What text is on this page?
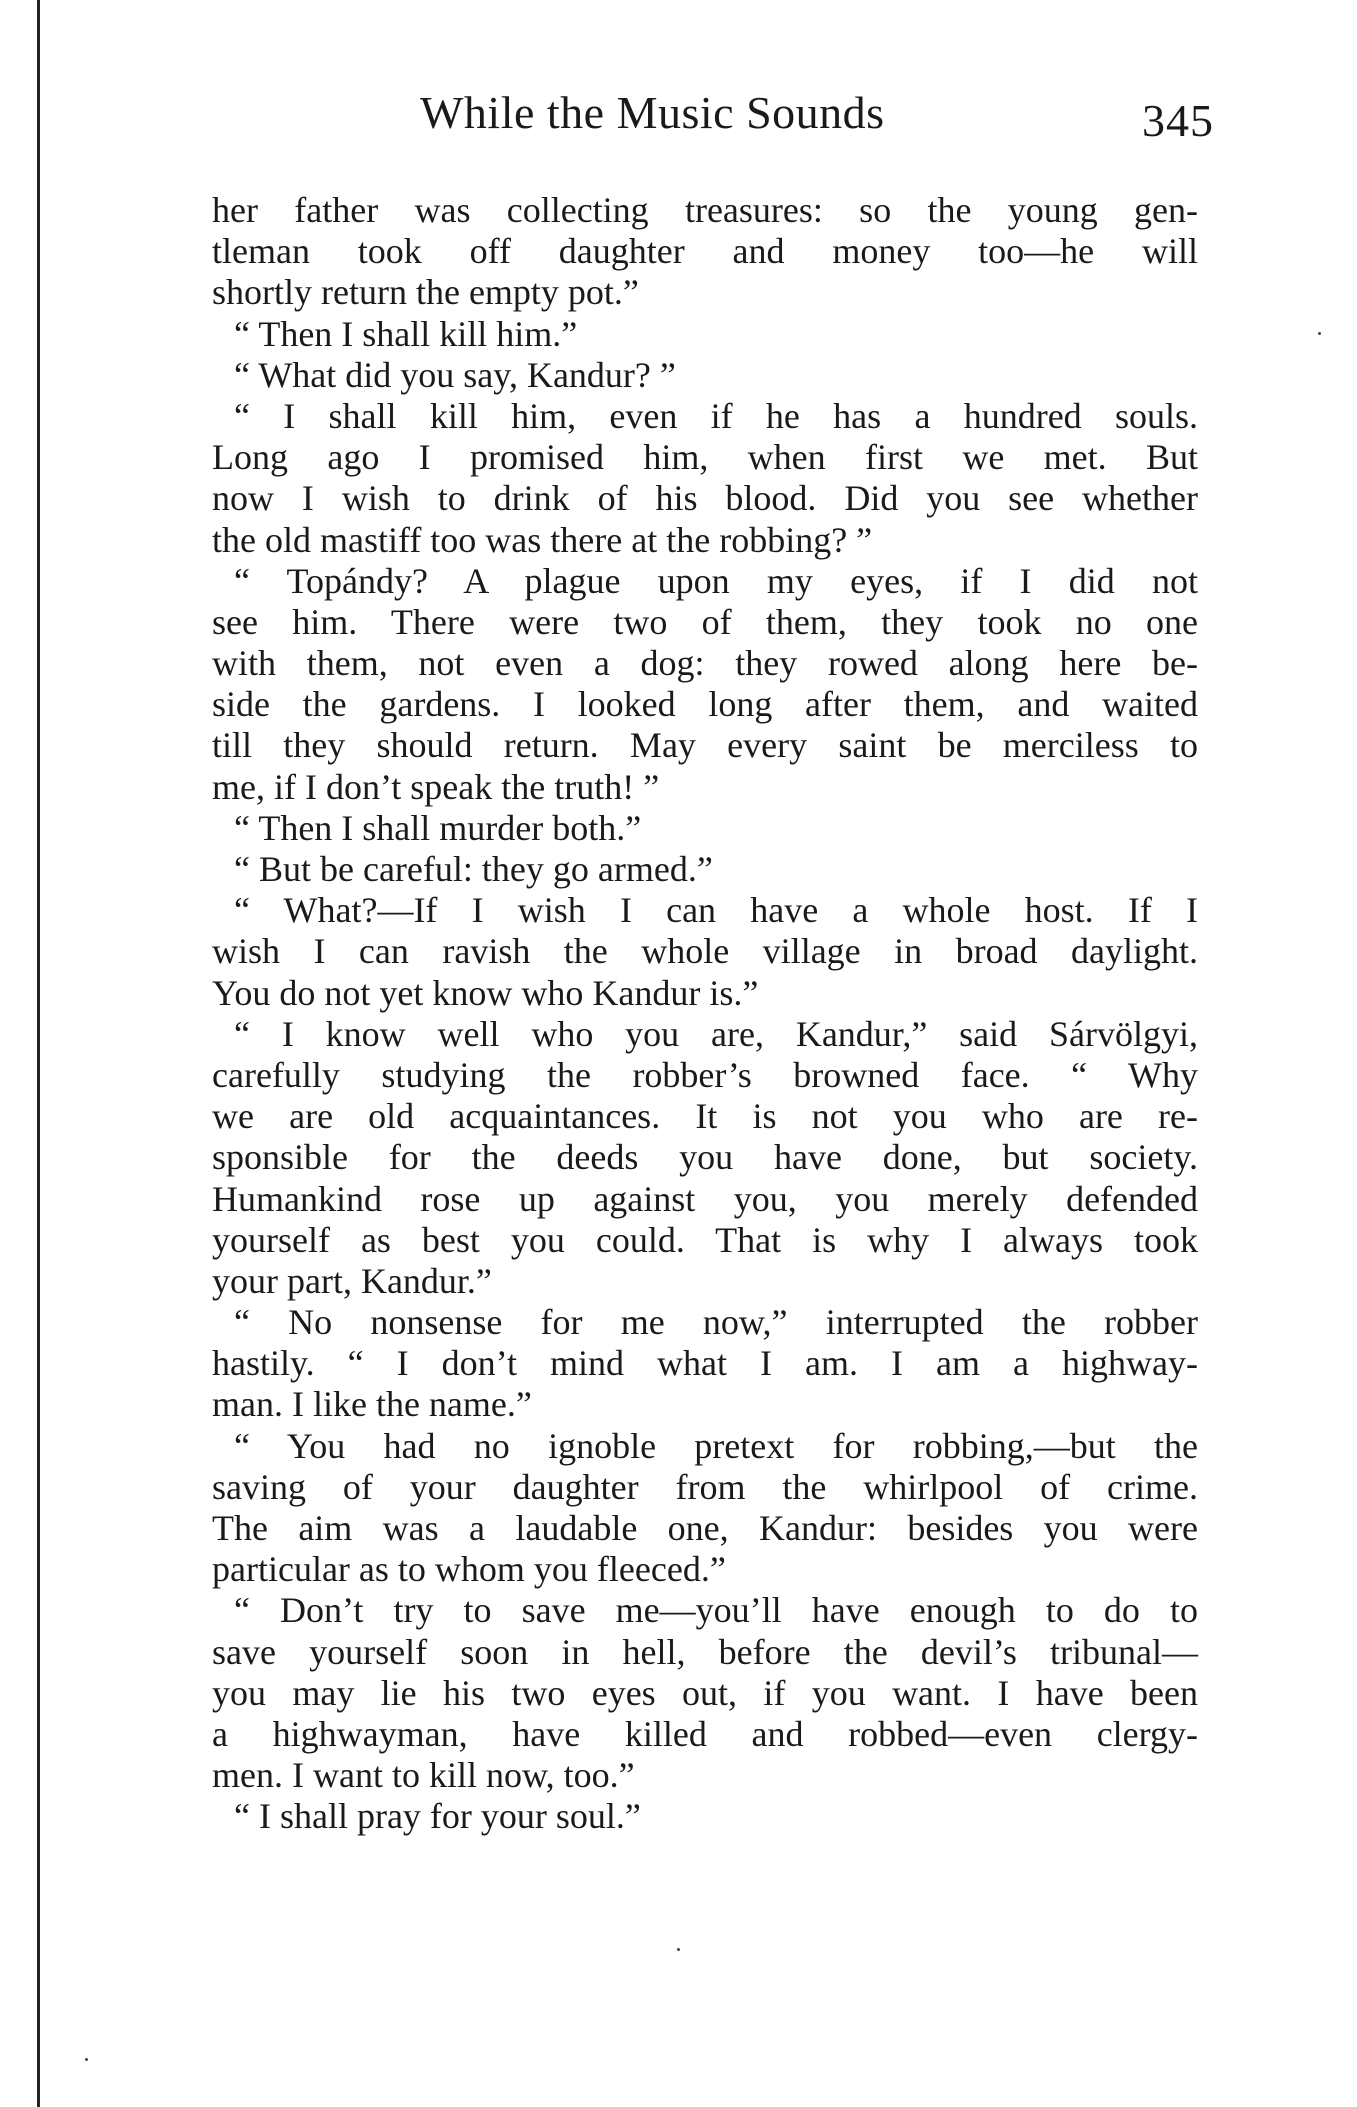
While the Music Sounds	345
her father was collecting treasures: so the young gen-
tleman took off daughter and money too—he will
shortly return the empty pot.”
“ Then I shall kill him.”
“ What did you say, Kandur? ”
“ I shall kill him, even if he has a hundred souls.
Long ago I promised him, when first we met. But
now I wish to drink of his blood. Did you see whether
the old mastiff too was there at the robbing? ”
“ Topándy? A plague upon my eyes, if I did not
see him. There were two of them, they took no one
with them, not even a dog: they rowed along here be-
side the gardens. I looked long after them, and waited
till they should return. May every saint be merciless to
me, if I don’t speak the truth! ”
“ Then I shall murder both.”
“ But be careful: they go armed.”
“ What?—If I wish I can have a whole host. If I
wish I can ravish the whole village in broad daylight.
You do not yet know who Kandur is.”
“ I know well who you are, Kandur,” said Sárvölgyi,
carefully studying the robber’s browned face. “ Why
we are old acquaintances. It is not you who are re-
sponsible for the deeds you have done, but society.
Humankind rose up against you, you merely defended
yourself as best you could. That is why I always took
your part, Kandur.”
“ No nonsense for me now,” interrupted the robber
hastily. “ I don’t mind what I am. I am a highway-
man. I like the name.”
“ You had no ignoble pretext for robbing,—but the
saving of your daughter from the whirlpool of crime.
The aim was a laudable one, Kandur: besides you were
particular as to whom you fleeced.”
“ Don’t try to save me—you’ll have enough to do to
save yourself soon in hell, before the devil’s tribunal—
you may lie his two eyes out, if you want. I have been
a highwayman, have killed and robbed—even clergy-
men. I want to kill now, too.”
“ I shall pray for your soul.”
